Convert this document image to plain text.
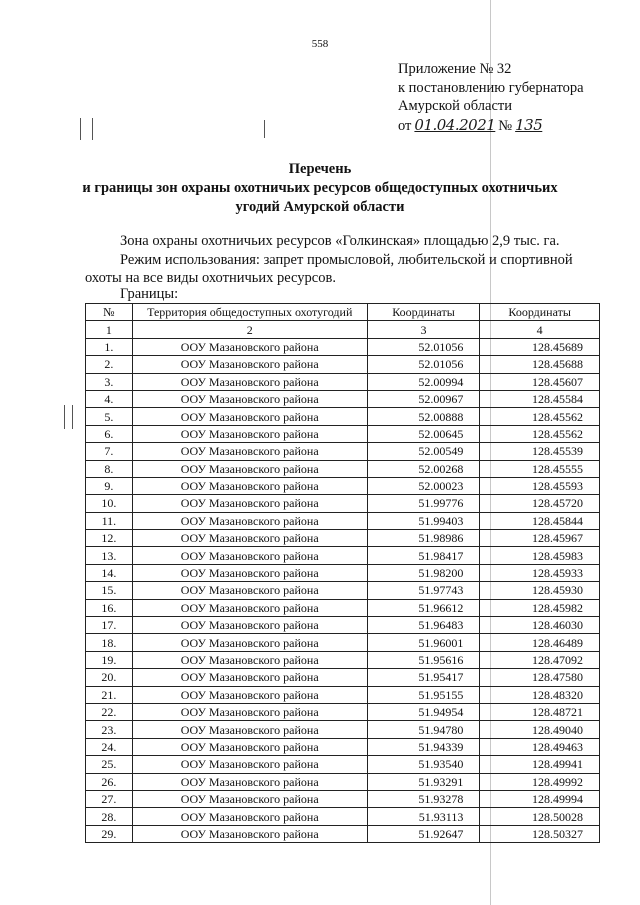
558
Приложение № 32
к постановлению губернатора
Амурской области
от 01.04.2021 № 135
Перечень
и границы зон охраны охотничьих ресурсов общедоступных охотничьих угодий Амурской области
Зона охраны охотничьих ресурсов «Голкинская» площадью 2,9 тыс. га.
Режим использования: запрет промысловой, любительской и спортивной
охоты на все виды охотничьих ресурсов.
Границы:
№	Территория общедоступных охотугодий	Координаты	Координаты
1	2	3	4
1.	ООУ Мазановского района	52.01056	128.45689
2.	ООУ Мазановского района	52.01056	128.45688
3.	ООУ Мазановского района	52.00994	128.45607
4.	ООУ Мазановского района	52.00967	128.45584
5.	ООУ Мазановского района	52.00888	128.45562
6.	ООУ Мазановского района	52.00645	128.45562
7.	ООУ Мазановского района	52.00549	128.45539
8.	ООУ Мазановского района	52.00268	128.45555
9.	ООУ Мазановского района	52.00023	128.45593
10.	ООУ Мазановского района	51.99776	128.45720
11.	ООУ Мазановского района	51.99403	128.45844
12.	ООУ Мазановского района	51.98986	128.45967
13.	ООУ Мазановского района	51.98417	128.45983
14.	ООУ Мазановского района	51.98200	128.45933
15.	ООУ Мазановского района	51.97743	128.45930
16.	ООУ Мазановского района	51.96612	128.45982
17.	ООУ Мазановского района	51.96483	128.46030
18.	ООУ Мазановского района	51.96001	128.46489
19.	ООУ Мазановского района	51.95616	128.47092
20.	ООУ Мазановского района	51.95417	128.47580
21.	ООУ Мазановского района	51.95155	128.48320
22.	ООУ Мазановского района	51.94954	128.48721
23.	ООУ Мазановского района	51.94780	128.49040
24.	ООУ Мазановского района	51.94339	128.49463
25.	ООУ Мазановского района	51.93540	128.49941
26.	ООУ Мазановского района	51.93291	128.49992
27.	ООУ Мазановского района	51.93278	128.49994
28.	ООУ Мазановского района	51.93113	128.50028
29.	ООУ Мазановского района	51.92647	128.50327
